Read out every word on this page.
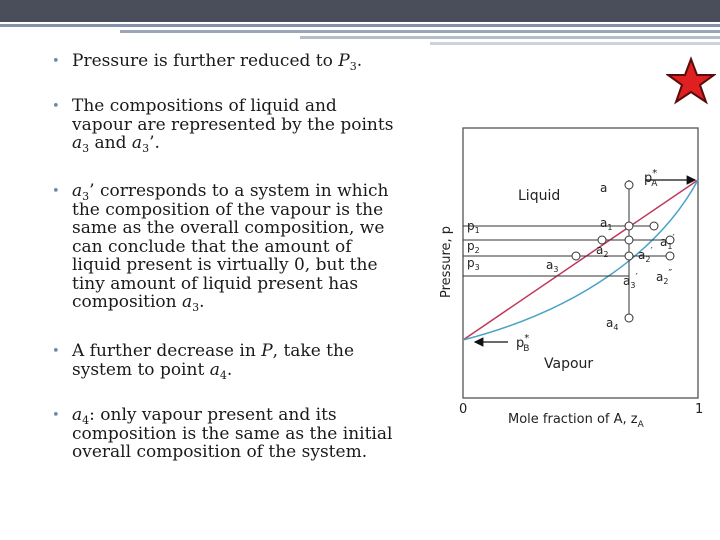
• Pressure is further reduced to $P_3$.
• The compositions of liquid and vapour are represented by the points $a_3$ and $a_3$’.
• $a_3$’ corresponds to a system in which the composition of the vapour is the same as the overall composition, we can conclude that the amount of liquid present is virtually 0, but the tiny amount of liquid present has composition $a_3$.
• A further decrease in P, take the system to point $a_4$.
• $a_4$: only vapour present and its composition is the same as the initial overall composition of the system.
Liquid
Vapour
p* A
p* B
$p_1$
$p_2$
$p_3$
a
$a_1$
$a_1'$
$a_2$ $a_2'$
$a_3$
$a_3'$ $a_2''$
$a_4$
Pressure, p
0	1
Mole fraction of A, $z_A$
